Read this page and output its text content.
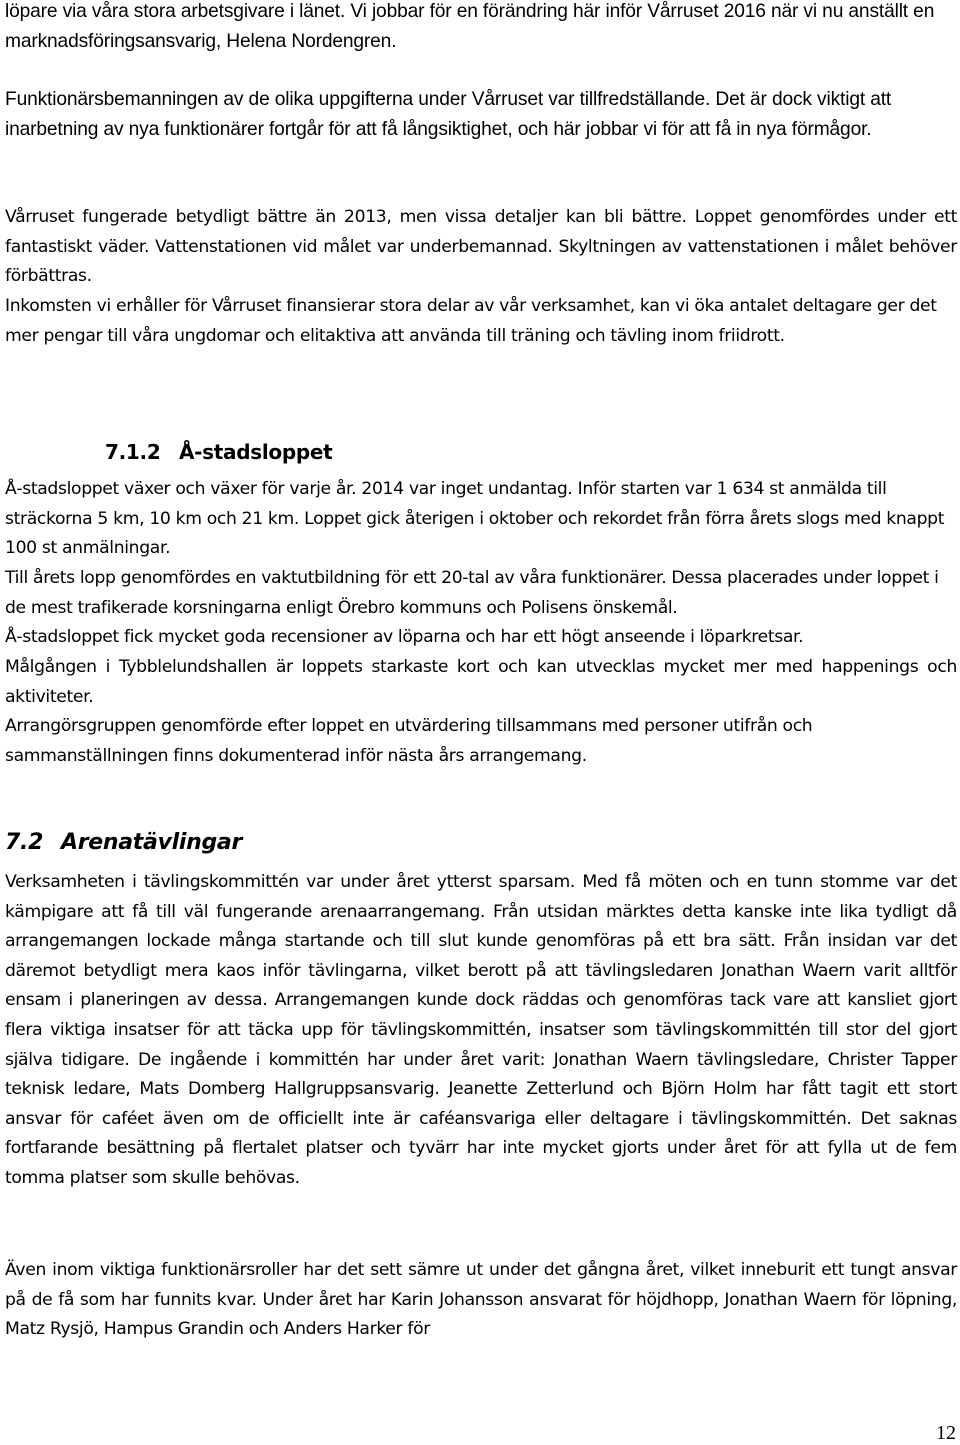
löpare via våra stora arbetsgivare i länet. Vi jobbar för en förändring här inför Vårruset 2016 när vi nu anställt en marknadsföringsansvarig, Helena Nordengren.

Funktionärsbemanningen av de olika uppgifterna under Vårruset var tillfredställande. Det är dock viktigt att inarbetning av nya funktionärer fortgår för att få långsiktighet, och här jobbar vi för att få in nya förmågor.

Vårruset fungerade betydligt bättre än 2013, men vissa detaljer kan bli bättre. Loppet genomfördes under ett fantastiskt väder. Vattenstationen vid målet var underbemannad. Skyltningen av vattenstationen i målet behöver förbättras.

Inkomsten vi erhåller för Vårruset finansierar stora delar av vår verksamhet, kan vi öka antalet deltagare ger det mer pengar till våra ungdomar och elitaktiva att använda till träning och tävling inom friidrott.

7.1.2 Å-stadsloppet

Å-stadsloppet växer och växer för varje år. 2014 var inget undantag. Inför starten var 1 634 st anmälda till sträckorna 5 km, 10 km och 21 km. Loppet gick återigen i oktober och rekordet från förra årets slogs med knappt 100 st anmälningar.

Till årets lopp genomfördes en vaktutbildning för ett 20-tal av våra funktionärer. Dessa placerades under loppet i de mest trafikerade korsningarna enligt Örebro kommuns och Polisens önskemål.

Å-stadsloppet fick mycket goda recensioner av löparna och har ett högt anseende i löparkretsar.

Målgången i Tybblelundshallen är loppets starkaste kort och kan utvecklas mycket mer med happenings och aktiviteter.

Arrangörsgruppen genomförde efter loppet en utvärdering tillsammans med personer utifrån och sammanställningen finns dokumenterad inför nästa års arrangemang.

7.2 Arenatävlingar

Verksamheten i tävlingskommittén var under året ytterst sparsam. Med få möten och en tunn stomme var det kämpigare att få till väl fungerande arenaarrangemang. Från utsidan märktes detta kanske inte lika tydligt då arrangemangen lockade många startande och till slut kunde genomföras på ett bra sätt. Från insidan var det däremot betydligt mera kaos inför tävlingarna, vilket berott på att tävlingsledaren Jonathan Waern varit alltför ensam i planeringen av dessa. Arrangemangen kunde dock räddas och genomföras tack vare att kansliet gjort flera viktiga insatser för att täcka upp för tävlingskommittén, insatser som tävlingskommittén till stor del gjort själva tidigare. De ingående i kommittén har under året varit: Jonathan Waern tävlingsledare, Christer Tapper teknisk ledare, Mats Domberg Hallgruppsansvarig. Jeanette Zetterlund och Björn Holm har fått tagit ett stort ansvar för caféet även om de officiellt inte är caféansvariga eller deltagare i tävlingskommittén. Det saknas fortfarande besättning på flertalet platser och tyvärr har inte mycket gjorts under året för att fylla ut de fem tomma platser som skulle behövas.

Även inom viktiga funktionärsroller har det sett sämre ut under det gångna året, vilket inneburit ett tungt ansvar på de få som har funnits kvar. Under året har Karin Johansson ansvarat för höjdhopp, Jonathan Waern för löpning, Matz Rysjö, Hampus Grandin och Anders Harker för

12
